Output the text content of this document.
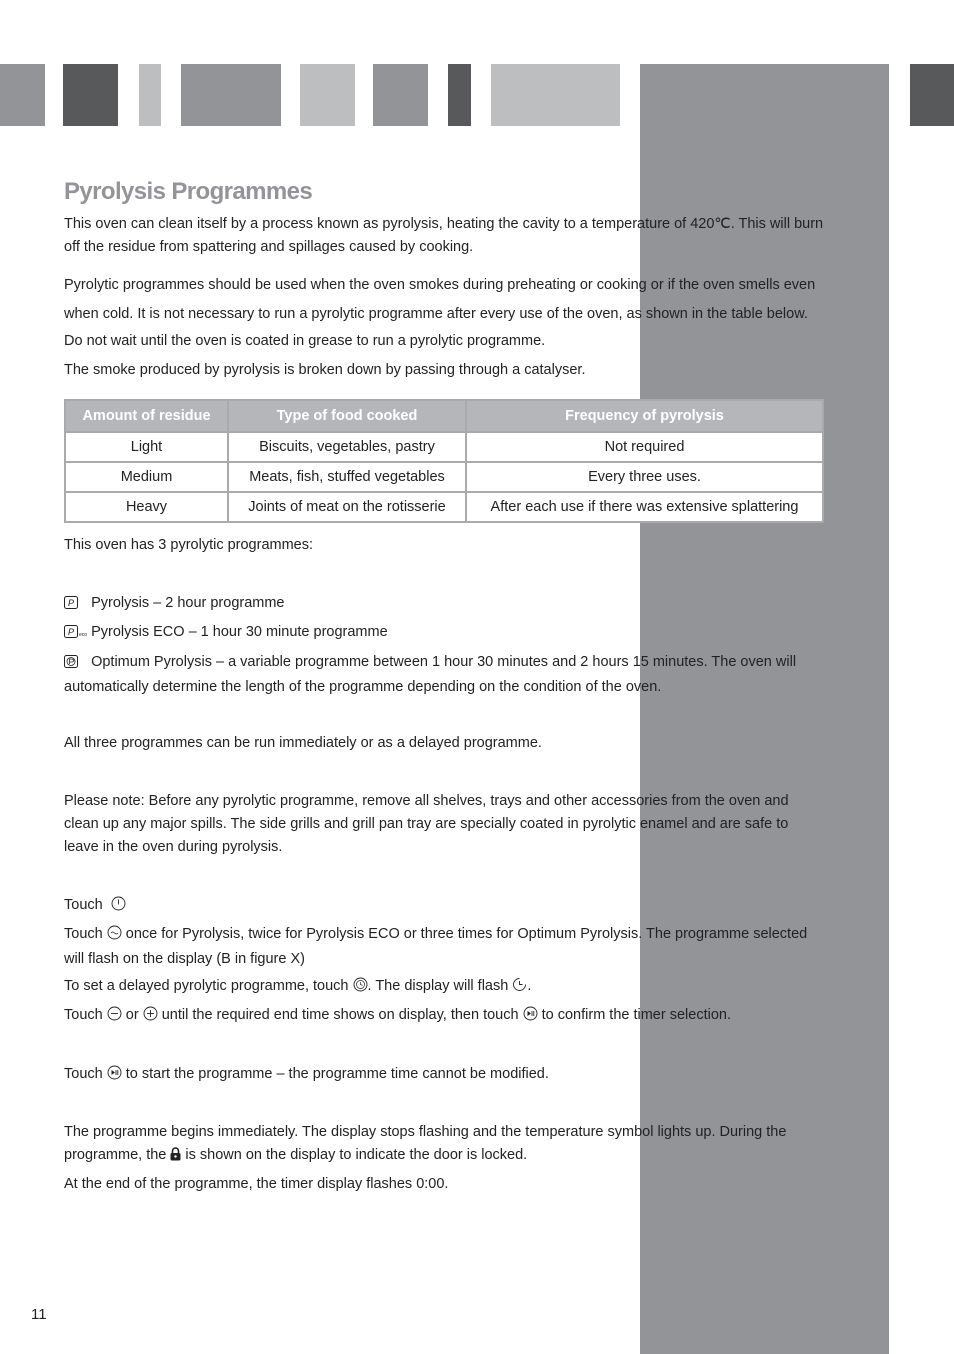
Pyrolysis Programmes

This oven can clean itself by a process known as pyrolysis, heating the cavity to a temperature of 420℃. This will burn off the residue from spattering and spillages caused by cooking.

Pyrolytic programmes should be used when the oven smokes during preheating or cooking or if the oven smells even when cold. It is not necessary to run a pyrolytic programme after every use of the oven, as shown in the table below.

Do not wait until the oven is coated in grease to run a pyrolytic programme.

The smoke produced by pyrolysis is broken down by passing through a catalyser.

Amount of residue	Type of food cooked	Frequency of pyrolysis
Light	Biscuits, vegetables, pastry	Not required
Medium	Meats, fish, stuffed vegetables	Every three uses.
Heavy	Joints of meat on the rotisserie	After each use if there was extensive splattering

This oven has 3 pyrolytic programmes:

P Pyrolysis – 2 hour programme

P eco Pyrolysis ECO – 1 hour 30 minute programme

Optimum Pyrolysis – a variable programme between 1 hour 30 minutes and 2 hours 15 minutes. The oven will automatically determine the length of the programme depending on the condition of the oven.

All three programmes can be run immediately or as a delayed programme.

Please note: Before any pyrolytic programme, remove all shelves, trays and other accessories from the oven and clean up any major spills. The side grills and grill pan tray are specially coated in pyrolytic enamel and are safe to leave in the oven during pyrolysis.

Touch

Touch once for Pyrolysis, twice for Pyrolysis ECO or three times for Optimum Pyrolysis. The programme selected will flash on the display (B in figure X)

To set a delayed pyrolytic programme, touch . The display will flash .

Touch or until the required end time shows on display, then touch to confirm the timer selection.

Touch to start the programme – the programme time cannot be modified.

The programme begins immediately. The display stops flashing and the temperature symbol lights up. During the programme, the is shown on the display to indicate the door is locked.

At the end of the programme, the timer display flashes 0:00.

11
